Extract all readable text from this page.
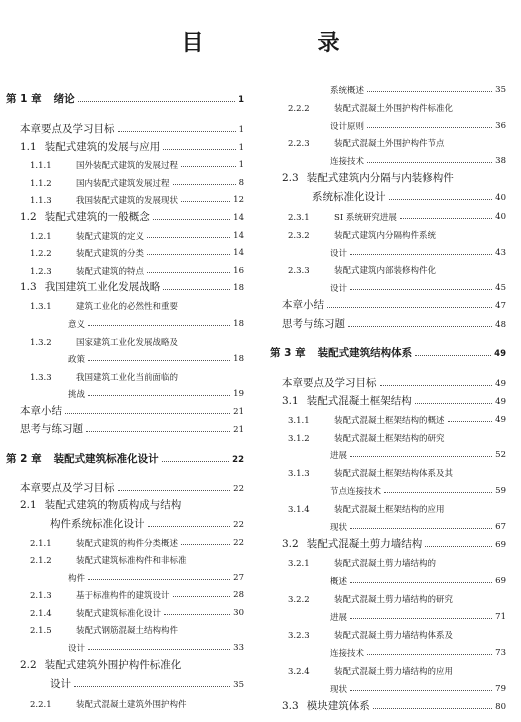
目　录
第 1 章 绪论	1
本章要点及学习目标	1
1.1 装配式建筑的发展与应用	1
1.1.1	国外装配式建筑的发展过程	1
1.1.2	国内装配式建筑发展过程	8
1.1.3	我国装配式建筑的发展现状	12
1.2 装配式建筑的一般概念	14
1.2.1	装配式建筑的定义	14
1.2.2	装配式建筑的分类	14
1.2.3	装配式建筑的特点	16
1.3 我国建筑工业化发展战略	18
1.3.1	建筑工业化的必然性和重要
意义	18
1.3.2	国家建筑工业化发展战略及
政策	18
1.3.3	我国建筑工业化当前面临的
挑战	19
本章小结	21
思考与练习题	21
第 2 章 装配式建筑标准化设计	22
本章要点及学习目标	22
2.1 装配式建筑的物质构成与结构
构件系统标准化设计	22
2.1.1	装配式建筑的构件分类概述	22
2.1.2	装配式建筑标准构件和非标准
构件	27
2.1.3	基于标准构件的建筑设计	28
2.1.4	装配式建筑标准化设计	30
2.1.5	装配式钢筋混凝土结构构件
设计	33
2.2 装配式建筑外围护构件标准化
设计	35
2.2.1	装配式混凝土建筑外围护构件
系统概述	35
2.2.2	装配式混凝土外围护构件标准化
设计原则	36
2.2.3	装配式混凝土外围护构件节点
连接技术	38
2.3 装配式建筑内分隔与内装修构件
系统标准化设计	40
2.3.1	SI 系统研究进展	40
2.3.2	装配式建筑内分隔构件系统
设计	43
2.3.3	装配式建筑内部装修构件化
设计	45
本章小结	47
思考与练习题	48
第 3 章 装配式建筑结构体系	49
本章要点及学习目标	49
3.1 装配式混凝土框架结构	49
3.1.1	装配式混凝土框架结构的概述	49
3.1.2	装配式混凝土框架结构的研究
进展	52
3.1.3	装配式混凝土框架结构体系及其
节点连接技术	59
3.1.4	装配式混凝土框架结构的应用
现状	67
3.2 装配式混凝土剪力墙结构	69
3.2.1	装配式混凝土剪力墙结构的
概述	69
3.2.2	装配式混凝土剪力墙结构的研究
进展	71
3.2.3	装配式混凝土剪力墙结构体系及
连接技术	73
3.2.4	装配式混凝土剪力墙结构的应用
现状	79
3.3 模块建筑体系	80
